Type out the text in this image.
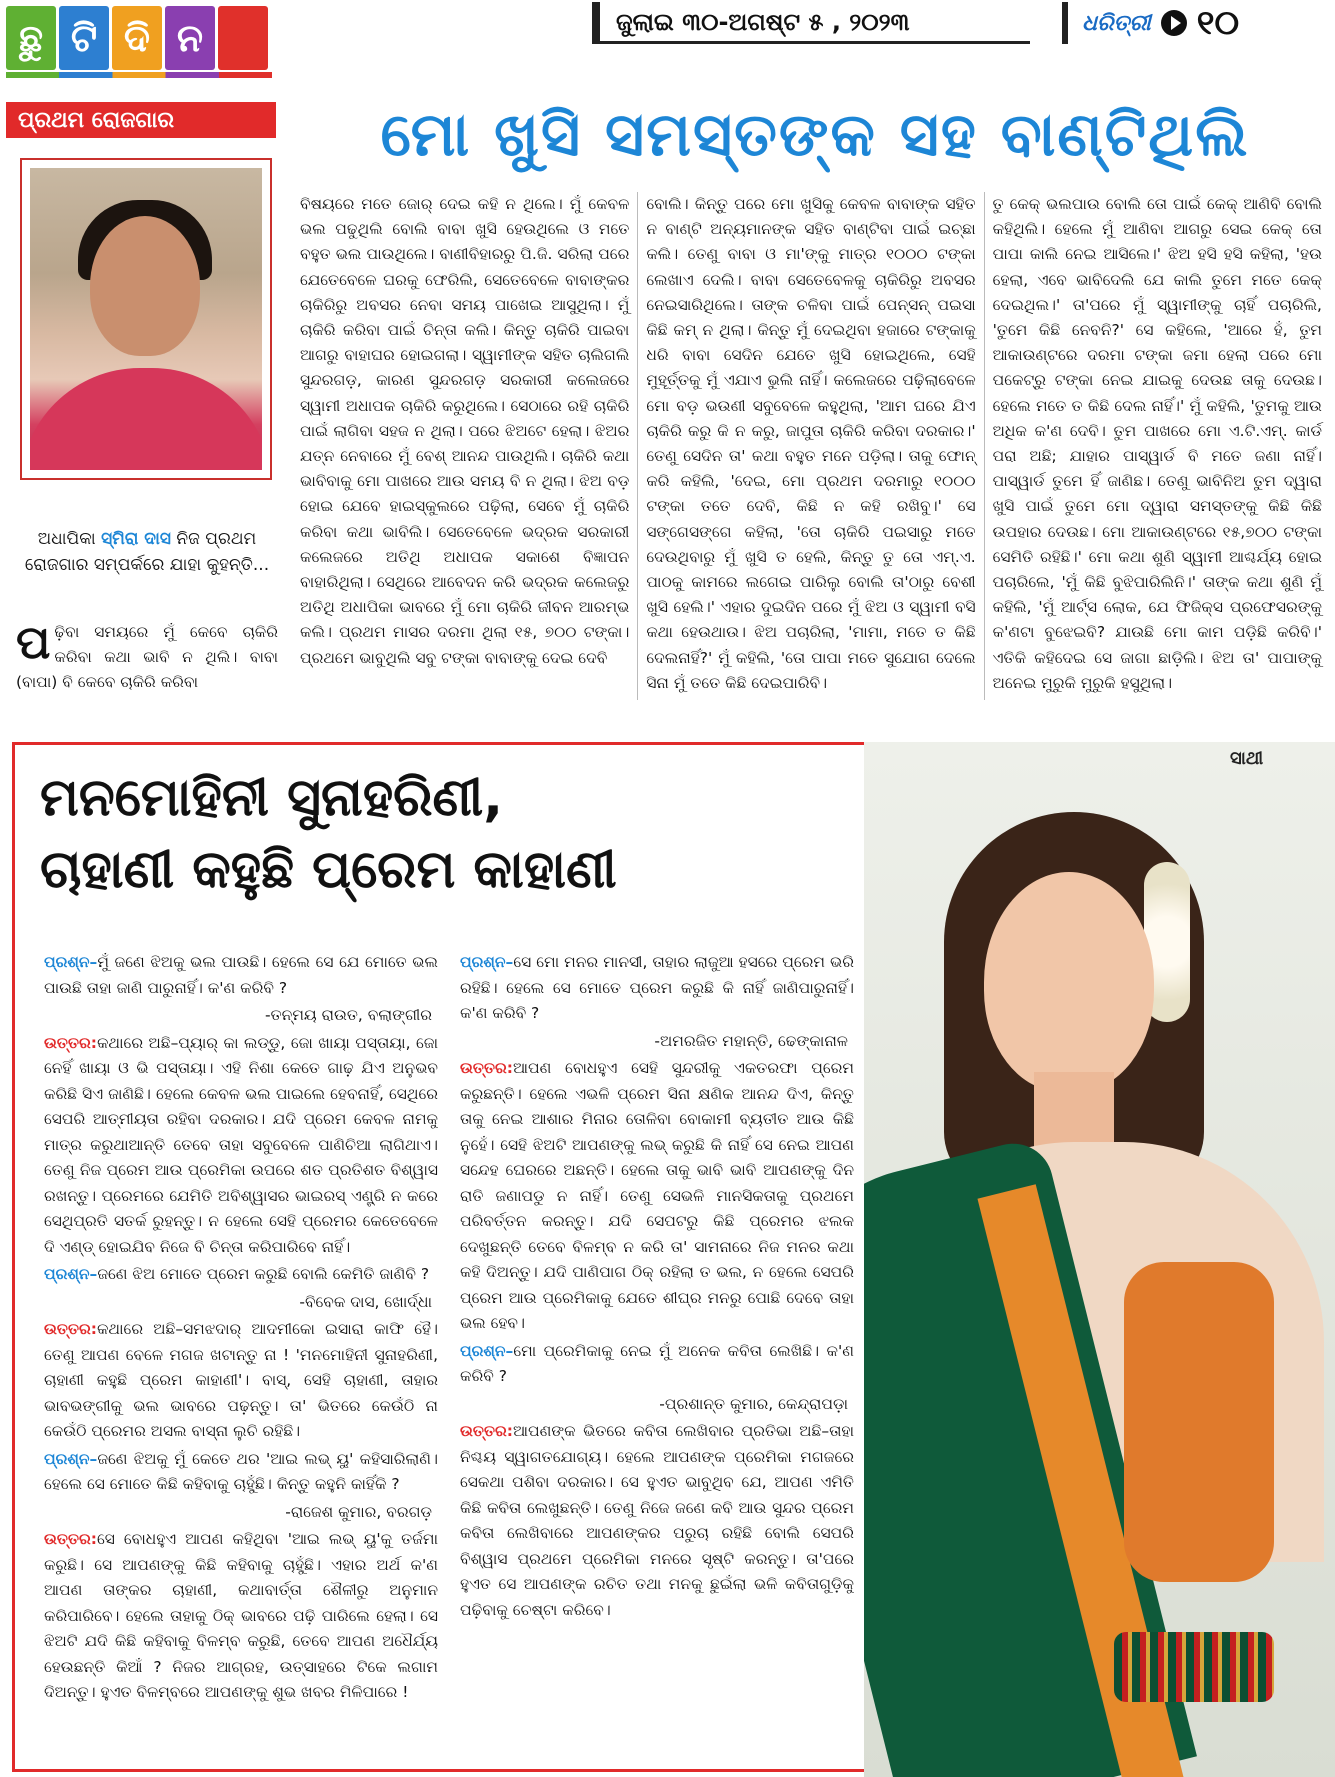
ଛୁ ଟି ଦି ନ	ଜୁଲାଇ ୩୦-ଅଗଷ୍ଟ ୫ , ୨୦୨୩	ଧରିତ୍ରୀ ୧୦
ପ୍ରଥମ ରୋଜଗାର	ମୋ ଖୁସି ସମସ୍ତଙ୍କ ସହ ବାଣ୍ଟିଥିଲି
ଅଧାପିକା ସ୍ମିରା ଦାସ ନିଜ ପ୍ରଥମ ରୋଜଗାର ସମ୍ପର୍କରେ ଯାହା କୁହନ୍ତି...
ପଢ଼ିବା ସମୟରେ ମୁଁ କେବେ ଚାକିରି କରିବା କଥା ଭାବି ନ ଥିଲି। ବାବା (ବାପା) ବି କେବେ ଚାକିରି କରିବା
ବିଷୟରେ ମତେ ଜୋର୍ ଦେଇ କହି ନ ଥିଲେ। ମୁଁ କେବଳ ଭଲ ପଢୁଥିଲି ବୋଲି ବାବା ଖୁସି ହେଉଥିଲେ ଓ ମତେ ବହୁତ ଭଲ ପାଉଥିଲେ। ବାଣୀବିହାରରୁ ପି.ଜି. ସରିଲା ପରେ ଯେତେବେଳେ ଘରକୁ ଫେରିଲି, ସେତେବେଳେ ବାବାଙ୍କର ଚାକିରିରୁ ଅବସର ନେବା ସମୟ ପାଖେଇ ଆସୁଥିଲା। ମୁଁ ଚାକିରି କରିବା ପାଇଁ ଚିନ୍ତା କଲି। କିନ୍ତୁ ଚାକିରି ପାଇବା ଆଗରୁ ବାହାଘର ହୋଇଗଲା। ସ୍ୱାମୀଙ୍କ ସହିତ ଚାଲିଗଲି ସୁନ୍ଦରଗଡ଼, କାରଣ ସୁନ୍ଦରଗଡ଼ ସରକାରୀ କଲେଜରେ ସ୍ୱାମୀ ଅଧାପକ ଚାକିରି କରୁଥିଲେ। ସେଠାରେ ରହି ଚାକିରି ପାଇଁ ଲାଗିବା ସହଜ ନ ଥିଲା। ପରେ ଝିଅଟେ ହେଲା। ଝିଅର ଯତ୍ନ ନେବାରେ ମୁଁ ବେଶ୍ ଆନନ୍ଦ ପାଉଥିଲି। ଚାକିରି କଥା ଭାବିବାକୁ ମୋ ପାଖରେ ଆଉ ସମୟ ବି ନ ଥିଲା। ଝିଅ ବଡ଼ ହୋଇ ଯେବେ ହାଇସ୍କୁଲରେ ପଢ଼ିଲା, ସେବେ ମୁଁ ଚାକିରି କରିବା କଥା ଭାବିଲି। ସେତେବେଳେ ଭଦ୍ରକ ସରକାରୀ କଲେଜରେ ଅତିଥି ଅଧାପକ ସକାଶେ ବିଜ୍ଞାପନ ବାହାରିଥିଲା। ସେଥିରେ ଆବେଦନ କରି ଭଦ୍ରକ କଲେଜରୁ ଅତିଥି ଅଧାପିକା ଭାବରେ ମୁଁ ମୋ ଚାକିରି ଜୀବନ ଆରମ୍ଭ କଲି। ପ୍ରଥମ ମାସର ଦରମା ଥିଲା ୧୫, ୭୦୦ ଟଙ୍କା। ପ୍ରଥମେ ଭାବୁଥିଲି ସବୁ ଟଙ୍କା ବାବାଙ୍କୁ ଦେଇ ଦେବି
ବୋଲି। କିନ୍ତୁ ପରେ ମୋ ଖୁସିକୁ କେବଳ ବାବାଙ୍କ ସହିତ ନ ବାଣ୍ଟି ଅନ୍ୟମାନଙ୍କ ସହିତ ବାଣ୍ଟିବା ପାଇଁ ଇଚ୍ଛା କଲି। ତେଣୁ ବାବା ଓ ମା'ଙ୍କୁ ମାତ୍ର ୧୦୦୦ ଟଙ୍କା ଲେଖାଏ ଦେଲି। ବାବା ସେତେବେଳକୁ ଚାକିରିରୁ ଅବସର ନେଇସାରିଥିଲେ। ତାଙ୍କ ଚଳିବା ପାଇଁ ପେନ୍ସନ୍ ପଇସା କିଛି କମ୍ ନ ଥିଲା। କିନ୍ତୁ ମୁଁ ଦେଇଥିବା ହଜାରେ ଟଙ୍କାକୁ ଧରି ବାବା ସେଦିନ ଯେତେ ଖୁସି ହୋଇଥିଲେ, ସେହି ମୁହୂର୍ତ୍ତକୁ ମୁଁ ଏଯାଏ ଭୁଲି ନାହିଁ। କଲେଜରେ ପଢ଼ିଲାବେଳେ ମୋ ବଡ଼ ଭଉଣୀ ସବୁବେଳେ କହୁଥିଲା, 'ଆମ ଘରେ ଯିଏ ଚାକିରି କରୁ କି ନ କରୁ, ଜାପୁତା ଚାକିରି କରିବା ଦରକାର।' ତେଣୁ ସେଦିନ ତା' କଥା ବହୁତ ମନେ ପଡ଼ିଲା। ତାକୁ ଫୋନ୍ କରି କହିଲି, 'ଦେଇ, ମୋ ପ୍ରଥମ ଦରମାରୁ ୧୦୦୦ ଟଙ୍କା ତତେ ଦେବି, କିଛି ନ କହି ରଖିବୁ।' ସେ ସଙ୍ଗେସଙ୍ଗେ କହିଲା, 'ତୋ ଚାକିରି ପଇସାରୁ ମତେ ଦେଉଥିବାରୁ ମୁଁ ଖୁସି ତ ହେଲି, କିନ୍ତୁ ତୁ ତୋ ଏମ୍.ଏ. ପାଠକୁ କାମରେ ଲଗେଇ ପାରିଲୁ ବୋଲି ତା'ଠାରୁ ବେଶୀ ଖୁସି ହେଲି।' ଏହାର ଦୁଇଦିନ ପରେ ମୁଁ ଝିଅ ଓ ସ୍ୱାମୀ ବସି କଥା ହେଉଥାଉ। ଝିଅ ପଚାରିଲା, 'ମାମା, ମତେ ତ କିଛି ଦେଲନାହିଁ?' ମୁଁ କହିଲି, 'ତୋ ପାପା ମତେ ସୁଯୋଗ ଦେଲେ ସିନା ମୁଁ ତତେ କିଛି ଦେଇପାରିବି।
ତୁ କେକ୍ ଭଲପାଉ ବୋଲି ତୋ ପାଇଁ କେକ୍ ଆଣିବି ବୋଲି କହିଥିଲି। ହେଲେ ମୁଁ ଆଣିବା ଆଗରୁ ସେଇ କେକ୍ ତୋ ପାପା କାଲି ନେଇ ଆସିଲେ।' ଝିଅ ହସି ହସି କହିଲା, 'ହଉ ହେଲା, ଏବେ ଭାବିଦେଲି ଯେ କାଲି ତୁମେ ମତେ କେକ୍ ଦେଇଥିଲ।' ତା'ପରେ ମୁଁ ସ୍ୱାମୀଙ୍କୁ ଚାହିଁ ପଚାରିଲି, 'ତୁମେ କିଛି ନେବନି?' ସେ କହିଲେ, 'ଆରେ ହଁ, ତୁମ ଆକାଉଣ୍ଟରେ ଦରମା ଟଙ୍କା ଜମା ହେଲା ପରେ ମୋ ପକେଟ୍‌ରୁ ଟଙ୍କା ନେଇ ଯାଇକୁ ଦେଉଛ ତାକୁ ଦେଉଛ। ହେଲେ ମତେ ତ କିଛି ଦେଲ ନାହିଁ।' ମୁଁ କହିଲି, 'ତୁମକୁ ଆଉ ଅଧିକ କ'ଣ ଦେବି। ତୁମ ପାଖରେ ମୋ ଏ.ଟି.ଏମ୍. କାର୍ଡ ପରା ଅଛି; ଯାହାର ପାସ୍‌ୱାର୍ଡ ବି ମତେ ଜଣା ନାହିଁ। ପାସ୍‌ୱାର୍ଡ ତୁମେ ହିଁ ଜାଣିଛ। ତେଣୁ ଭାବିନିଅ ତୁମ ଦ୍ୱାରା ଖୁସି ପାଇଁ ତୁମେ ମୋ ଦ୍ୱାରା ସମସ୍ତଙ୍କୁ କିଛି କିଛି ଉପହାର ଦେଉଛ। ମୋ ଆକାଉଣ୍ଟରେ ୧୫,୭୦୦ ଟଙ୍କା ସେମିତି ରହିଛି।' ମୋ କଥା ଶୁଣି ସ୍ୱାମୀ ଆଶ୍ଚର୍ଯ୍ୟ ହୋଇ ପଚାରିଲେ, 'ମୁଁ କିଛି ବୁଝିପାରିଲିନି।' ତାଙ୍କ କଥା ଶୁଣି ମୁଁ କହିଲି, 'ମୁଁ ଆର୍ଟ୍ସ ଲୋକ, ଯେ ଫିଜିକ୍ସ ପ୍ରଫେସରଙ୍କୁ କ'ଣଟା ବୁଝେଇବି? ଯାଉଛି ମୋ କାମ ପଡ଼ିଛି କରିବି।' ଏତିକି କହିଦେଇ ସେ ଜାଗା ଛାଡ଼ିଲି। ଝିଅ ତା' ପାପାଙ୍କୁ ଅନେଇ ମୁରୁକି ମୁରୁକି ହସୁଥିଲା।
ମନମୋହିନୀ ସୁନାହରିଣୀ,
ଚାହାଣୀ କହୁଛି ପ୍ରେମ କାହାଣୀ

ପ୍ରଶ୍ନ–ମୁଁ ଜଣେ ଝିଅକୁ ଭଲ ପାଉଛି। ହେଲେ ସେ ଯେ ମୋତେ ଭଲ ପାଉଛି ତାହା ଜାଣି ପାରୁନାହିଁ। କ'ଣ କରିବି ?

-ତନ୍ମୟ ରାଉତ, ବଲାଙ୍ଗୀର

ଉତ୍ତର:କଥାରେ ଅଛି–ପ୍ୟାର୍ କା ଲଡ୍ଡୁ, ଜୋ ଖାୟା ପସ୍ତାୟା, ଜୋ ନେହିଁ ଖାୟା ଓ ଭି ପସ୍ତାୟା। ଏହି ନିଶା କେତେ ଗାଢ଼ ଯିଏ ଅନୁଭବ କରିଛି ସିଏ ଜାଣିଛି। ହେଲେ କେବଳ ଭଲ ପାଇଲେ ହେବନାହିଁ, ସେଥିରେ ସେପରି ଆତ୍ମୀୟତା ରହିବା ଦରକାର। ଯଦି ପ୍ରେମ କେବଳ ନାମକୁ ମାତ୍ର କରୁଥାଆନ୍ତି ତେବେ ତାହା ସବୁବେଳେ ପାଣିଚିଆ ଲାଗିଥାଏ। ତେଣୁ ନିଜ ପ୍ରେମ ଆଉ ପ୍ରେମିକା ଉପରେ ଶତ ପ୍ରତିଶତ ବିଶ୍ୱାସ ରଖନ୍ତୁ। ପ୍ରେମରେ ଯେମିତି ଅବିଶ୍ୱାସର ଭାଇରସ୍ ଏଣ୍ଟ୍ରି ନ କରେ ସେଥିପ୍ରତି ସତର୍କ ରୁହନ୍ତୁ। ନ ହେଲେ ସେହି ପ୍ରେମର କେତେବେଳେ ଦି ଏଣ୍ଡ୍ ହୋଇଯିବ ନିଜେ ବି ଚିନ୍ତା କରିପାରିବେ ନାହିଁ।

ପ୍ରଶ୍ନ–ଜଣେ ଝିଅ ମୋତେ ପ୍ରେମ କରୁଛି ବୋଲି କେମିତି ଜାଣିବି ?

-ବିବେକ ଦାସ, ଖୋର୍ଦ୍ଧା

ଉତ୍ତର:କଥାରେ ଅଛି–ସମଝଦାର୍ ଆଦମୀକୋ ଇସାରା କାଫି ହୈ। ତେଣୁ ଆପଣ ବେଳେ ମଗଜ ଖଟାନ୍ତୁ ନା ! 'ମନମୋହିନୀ ସୁନାହରିଣୀ, ଚାହାଣୀ କହୁଛି ପ୍ରେମ କାହାଣୀ'। ବାସ୍, ସେହି ଚାହାଣୀ, ତାହାର ଭାବଭଙ୍ଗୀକୁ ଭଲ ଭାବରେ ପଢ଼ନ୍ତୁ। ତା' ଭିତରେ କେଉଁଠି ନା କେଉଁଠି ପ୍ରେମର ଅସଲ ବାସ୍ନା ଲୁଚି ରହିଛି।

ପ୍ରଶ୍ନ–ଜଣେ ଝିଅକୁ ମୁଁ କେତେ ଥର 'ଆଇ ଲଭ୍ ୟୁ' କହିସାରିଲାଣି। ହେଲେ ସେ ମୋତେ କିଛି କହିବାକୁ ଚାହୁଁଛି। କିନ୍ତୁ କହୁନି କାହିଁକି ?

-ରାଜେଶ କୁମାର, ବରଗଡ଼

ଉତ୍ତର:ସେ ବୋଧହୁଏ ଆପଣ କହିଥିବା 'ଆଇ ଲଭ୍ ୟୁ'କୁ ତର୍ଜମା କରୁଛି। ସେ ଆପଣଙ୍କୁ କିଛି କହିବାକୁ ଚାହୁଁଛି। ଏହାର ଅର୍ଥ କ'ଣ ଆପଣ ତାଙ୍କର ଚାହାଣୀ, କଥାବାର୍ତ୍ତା ଶୈଳୀରୁ ଅନୁମାନ କରିପାରିବେ। ହେଲେ ତାହାକୁ ଠିକ୍ ଭାବରେ ପଢ଼ି ପାରିଲେ ହେଲା। ସେ ଝିଅଟି ଯଦି କିଛି କହିବାକୁ ବିଳମ୍ବ କରୁଛି, ତେବେ ଆପଣ ଅଧୈର୍ଯ୍ୟ ହେଉଛନ୍ତି କିଆଁ ? ନିଜର ଆଗ୍ରହ, ଉତ୍ସାହରେ ଟିକେ ଲଗାମ ଦିଅନ୍ତୁ। ହୁଏତ ବିଳମ୍ବରେ ଆପଣଙ୍କୁ ଶୁଭ ଖବର ମିଳିପାରେ !

ପ୍ରଶ୍ନ–ସେ ମୋ ମନର ମାନସୀ, ତାହାର ଲାଜୁଆ ହସରେ ପ୍ରେମ ଭରି ରହିଛି। ହେଲେ ସେ ମୋତେ ପ୍ରେମ କରୁଛି କି ନାହିଁ ଜାଣିପାରୁନାହିଁ। କ'ଣ କରିବି ?

-ଅମରଜିତ ମହାନ୍ତି, ଢେଙ୍କାନାଳ

ଉତ୍ତର:ଆପଣ ବୋଧହୁଏ ସେହି ସୁନ୍ଦରୀକୁ ଏକତରଫା ପ୍ରେମ କରୁଛନ୍ତି। ହେଲେ ଏଭଳି ପ୍ରେମ ସିନା କ୍ଷଣିକ ଆନନ୍ଦ ଦିଏ, କିନ୍ତୁ ତାକୁ ନେଇ ଆଶାର ମିନାର ତୋଳିବା ବୋକାମୀ ବ୍ୟତୀତ ଆଉ କିଛି ନୁହେଁ। ସେହି ଝିଅଟି ଆପଣଙ୍କୁ ଲଭ୍ କରୁଛି କି ନାହିଁ ସେ ନେଇ ଆପଣ ସନ୍ଦେହ ଘେରରେ ଅଛନ୍ତି। ହେଲେ ତାକୁ ଭାବି ଭାବି ଆପଣଙ୍କୁ ଦିନ ରାତି ଜଣାପଡୁ ନ ନାହିଁ। ତେଣୁ ସେଭଳି ମାନସିକତାକୁ ପ୍ରଥମେ ପରିବର୍ତ୍ତନ କରନ୍ତୁ। ଯଦି ସେପଟରୁ କିଛି ପ୍ରେମର ଝଲକ ଦେଖୁଛନ୍ତି ତେବେ ବିଳମ୍ବ ନ କରି ତା' ସାମନାରେ ନିଜ ମନର କଥା କହି ଦିଅନ୍ତୁ। ଯଦି ପାଣିପାଗ ଠିକ୍ ରହିଲା ତ ଭଲ, ନ ହେଲେ ସେପରି ପ୍ରେମ ଆଉ ପ୍ରେମିକାକୁ ଯେତେ ଶୀଘ୍ର ମନରୁ ପୋଛି ଦେବେ ତାହା ଭଲ ହେବ।

ପ୍ରଶ୍ନ–ମୋ ପ୍ରେମିକାକୁ ନେଇ ମୁଁ ଅନେକ କବିତା ଲେଖିଛି। କ'ଣ କରିବି ?

-ପ୍ରଶାନ୍ତ କୁମାର, କେନ୍ଦ୍ରାପଡ଼ା

ଉତ୍ତର:ଆପଣଙ୍କ ଭିତରେ କବିତା ଲେଖିବାର ପ୍ରତିଭା ଅଛି–ତାହା ନିଶ୍ଚୟ ସ୍ୱାଗତଯୋଗ୍ୟ। ହେଲେ ଆପଣଙ୍କ ପ୍ରେମିକା ମଗଜରେ ସେକଥା ପଶିବା ଦରକାର। ସେ ହୁଏତ ଭାବୁଥିବ ଯେ, ଆପଣ ଏମିତି କିଛି କବିତା ଲେଖୁଛନ୍ତି। ତେଣୁ ନିଜେ ଜଣେ କବି ଆଉ ସୁନ୍ଦର ପ୍ରେମ କବିତା ଲେଖିବାରେ ଆପଣଙ୍କର ପରୁଚା ରହିଛି ବୋଲି ସେପରି ବିଶ୍ୱାସ ପ୍ରଥମେ ପ୍ରେମିକା ମନରେ ସୃଷ୍ଟି କରନ୍ତୁ। ତା'ପରେ ହୁଏତ ସେ ଆପଣଙ୍କ ରଚିତ ତଥା ମନକୁ ଛୁଇଁଲା ଭଳି କବିତାଗୁଡ଼ିକୁ ପଢ଼ିବାକୁ ଚେଷ୍ଟା କରିବେ।

ସାଥୀ
